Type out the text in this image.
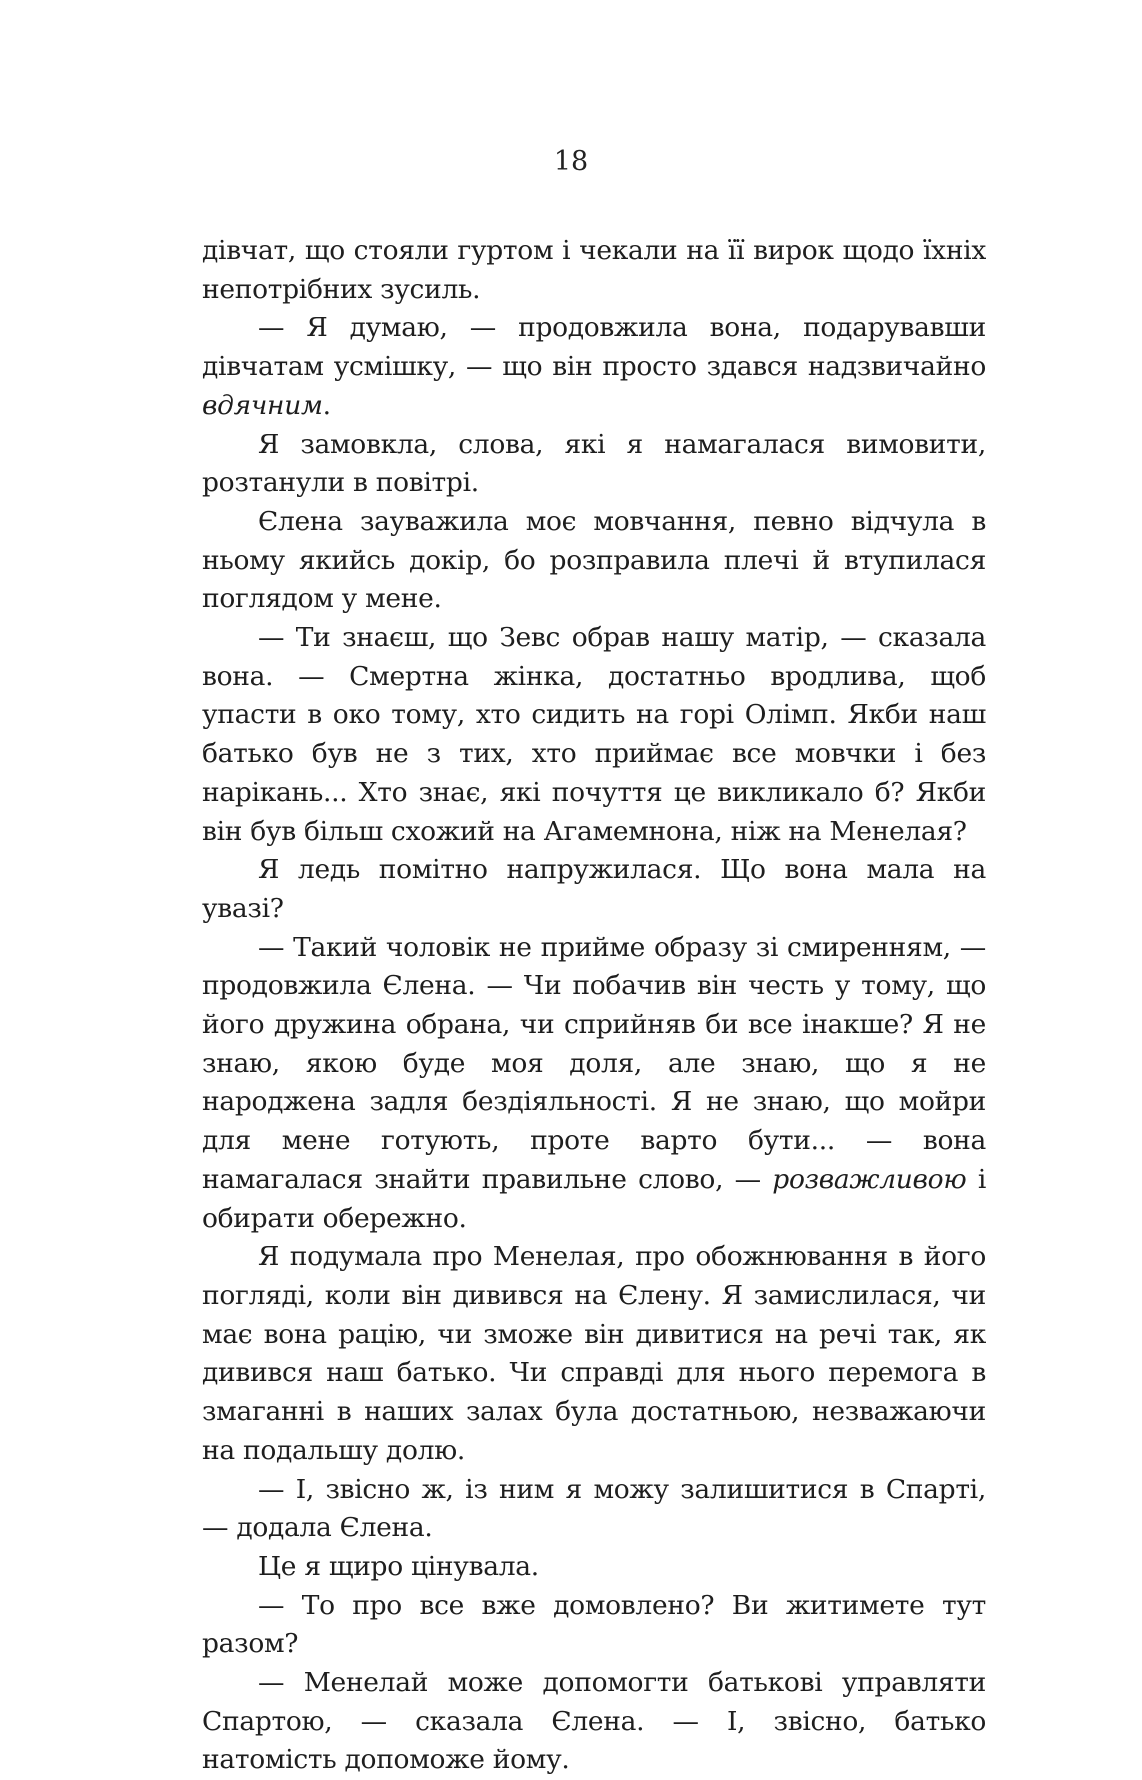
18

дівчат, що стояли гуртом і чекали на її вирок щодо їхніх непотрібних зусиль.

— Я думаю, — продовжила вона, подарувавши дівчатам усмішку, — що він просто здався надзвичайно вдячним.

Я замовкла, слова, які я намагалася вимовити, розтанули в повітрі.

Єлена зауважила моє мовчання, певно відчула в ньому якийсь докір, бо розправила плечі й втупилася поглядом у мене.

— Ти знаєш, що Зевс обрав нашу матір, — сказала вона. — Смертна жінка, достатньо вродлива, щоб упасти в око тому, хто сидить на горі Олімп. Якби наш батько був не з тих, хто приймає все мовчки і без нарікань... Хто знає, які почуття це викликало б? Якби він був більш схожий на Агамемнона, ніж на Менелая?

Я ледь помітно напружилася. Що вона мала на увазі?

— Такий чоловік не прийме образу зі смиренням, — продовжила Єлена. — Чи побачив він честь у тому, що його дружина обрана, чи сприйняв би все інакше? Я не знаю, якою буде моя доля, але знаю, що я не народжена задля бездіяльності. Я не знаю, що мойри для мене готують, проте варто бути... — вона намагалася знайти правильне слово, — розважливою і обирати обережно.

Я подумала про Менелая, про обожнювання в його погляді, коли він дивився на Єлену. Я замислилася, чи має вона рацію, чи зможе він дивитися на речі так, як дивився наш батько. Чи справді для нього перемога в змаганні в наших залах була достатньою, незважаючи на подальшу долю.

— І, звісно ж, із ним я можу залишитися в Спарті, — додала Єлена.

Це я щиро цінувала.

— То про все вже домовлено? Ви житимете тут разом?

— Менелай може допомогти батькові управляти Спартою, — сказала Єлена. — І, звісно, батько натомість допоможе йому.
